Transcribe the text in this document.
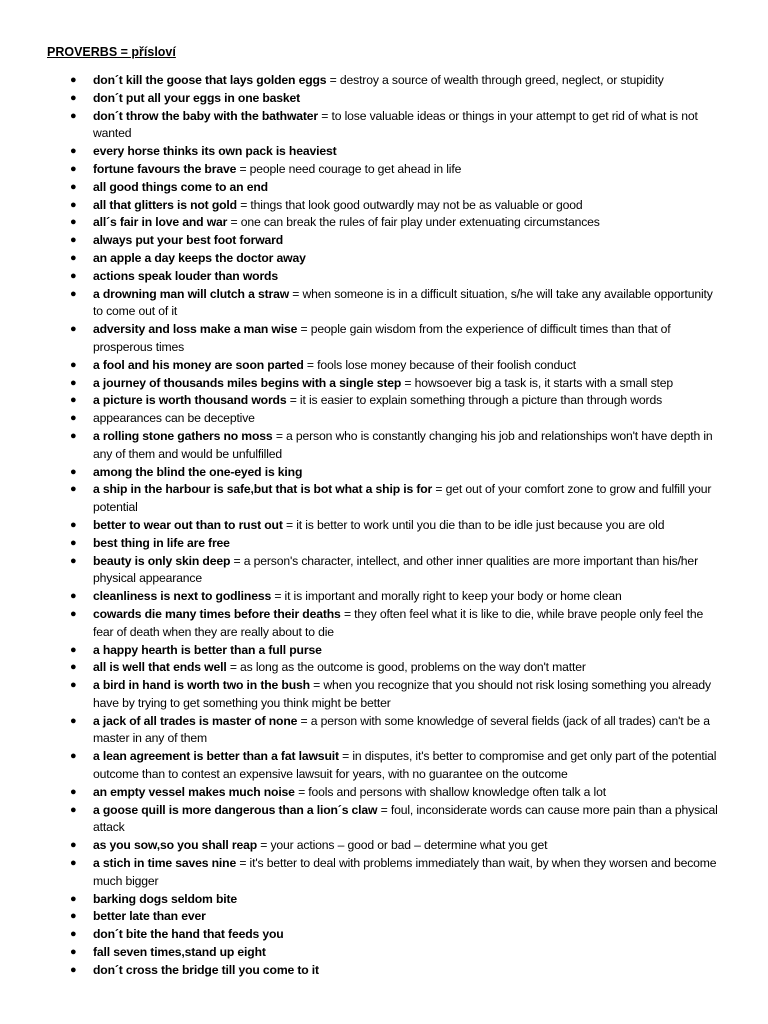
PROVERBS = přísloví
● don´t kill the goose that lays golden eggs = destroy a source of wealth through greed, neglect, or stupidity
● don´t put all your eggs in one basket
● don´t throw the baby with the bathwater = to lose valuable ideas or things in your attempt to get rid of what is not wanted
● every horse thinks its own pack is heaviest
● fortune favours the brave = people need courage to get ahead in life
● all good things come to an end
● all that glitters is not gold = things that look good outwardly may not be as valuable or good
● all´s fair in love and war = one can break the rules of fair play under extenuating circumstances
● always put your best foot forward
● an apple a day keeps the doctor away
● actions speak louder than words
● a drowning man will clutch a straw = when someone is in a difficult situation, s/he will take any available opportunity to come out of it
● adversity and loss make a man wise = people gain wisdom from the experience of difficult times than that of prosperous times
● a fool and his money are soon parted = fools lose money because of their foolish conduct
● a journey of thousands miles begins with a single step = howsoever big a task is, it starts with a small step
● a picture is worth thousand words = it is easier to explain something through a picture than through words
● appearances can be deceptive
● a rolling stone gathers no moss = a person who is constantly changing his job and relationships won't have depth in any of them and would be unfulfilled
● among the blind the one-eyed is king
● a ship in the harbour is safe,but that is bot what a ship is for = get out of your comfort zone to grow and fulfill your potential
● better to wear out than to rust out = it is better to work until you die than to be idle just because you are old
● best thing in life are free
● beauty is only skin deep = a person's character, intellect, and other inner qualities are more important than his/her physical appearance
● cleanliness is next to godliness = it is important and morally right to keep your body or home clean
● cowards die many times before their deaths = they often feel what it is like to die, while brave people only feel the fear of death when they are really about to die
● a happy hearth is better than a full purse
● all is well that ends well = as long as the outcome is good, problems on the way don't matter
● a bird in hand is worth two in the bush = when you recognize that you should not risk losing something you already have by trying to get something you think might be better
● a jack of all trades is master of none = a person with some knowledge of several fields (jack of all trades) can't be a master in any of them
● a lean agreement is better than a fat lawsuit = in disputes, it's better to compromise and get only part of the potential outcome than to contest an expensive lawsuit for years, with no guarantee on the outcome
● an empty vessel makes much noise = fools and persons with shallow knowledge often talk a lot
● a goose quill is more dangerous than a lion´s claw = foul, inconsiderate words can cause more pain than a physical attack
● as you sow,so you shall reap = your actions – good or bad – determine what you get
● a stich in time saves nine = it's better to deal with problems immediately than wait, by when they worsen and become much bigger
● barking dogs seldom bite
● better late than ever
● don´t bite the hand that feeds you
● fall seven times,stand up eight
● don´t cross the bridge till you come to it
